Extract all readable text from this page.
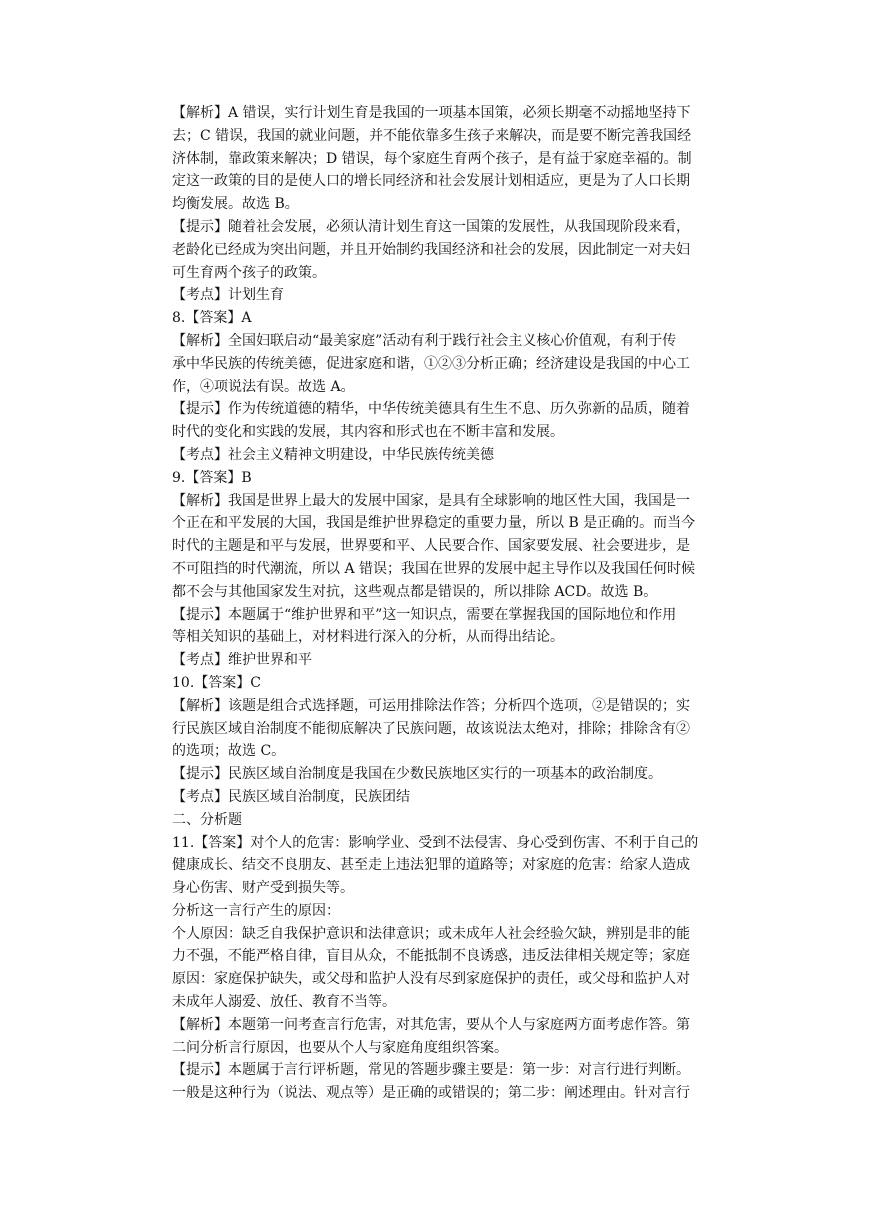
【解析】A 错误，实行计划生育是我国的一项基本国策，必须长期毫不动摇地坚持下
去；C 错误，我国的就业问题，并不能依靠多生孩子来解决，而是要不断完善我国经
济体制，靠政策来解决；D 错误，每个家庭生育两个孩子，是有益于家庭幸福的。制
定这一政策的目的是使人口的增长同经济和社会发展计划相适应，更是为了人口长期
均衡发展。故选 B。
【提示】随着社会发展，必须认清计划生育这一国策的发展性，从我国现阶段来看，
老龄化已经成为突出问题，并且开始制约我国经济和社会的发展，因此制定一对夫妇
可生育两个孩子的政策。
【考点】计划生育
8.【答案】A
【解析】全国妇联启动“最美家庭”活动有利于践行社会主义核心价值观，有利于传
承中华民族的传统美德，促进家庭和谐，①②③分析正确；经济建设是我国的中心工
作，④项说法有误。故选 A。
【提示】作为传统道德的精华，中华传统美德具有生生不息、历久弥新的品质，随着
时代的变化和实践的发展，其内容和形式也在不断丰富和发展。
【考点】社会主义精神文明建设，中华民族传统美德
9.【答案】B
【解析】我国是世界上最大的发展中国家，是具有全球影响的地区性大国，我国是一
个正在和平发展的大国，我国是维护世界稳定的重要力量，所以 B 是正确的。而当今
时代的主题是和平与发展，世界要和平、人民要合作、国家要发展、社会要进步，是
不可阻挡的时代潮流，所以 A 错误；我国在世界的发展中起主导作以及我国任何时候
都不会与其他国家发生对抗，这些观点都是错误的，所以排除 ACD。故选 B。
【提示】本题属于“维护世界和平”这一知识点，需要在掌握我国的国际地位和作用
等相关知识的基础上，对材料进行深入的分析，从而得出结论。
【考点】维护世界和平
10.【答案】C
【解析】该题是组合式选择题，可运用排除法作答；分析四个选项，②是错误的；实
行民族区域自治制度不能彻底解决了民族问题，故该说法太绝对，排除；排除含有②
的选项；故选 C。
【提示】民族区域自治制度是我国在少数民族地区实行的一项基本的政治制度。
【考点】民族区域自治制度，民族团结
二、分析题
11.【答案】对个人的危害：影响学业、受到不法侵害、身心受到伤害、不利于自己的
健康成长、结交不良朋友、甚至走上违法犯罪的道路等；对家庭的危害：给家人造成
身心伤害、财产受到损失等。
分析这一言行产生的原因：
个人原因：缺乏自我保护意识和法律意识；或未成年人社会经验欠缺，辨别是非的能
力不强，不能严格自律，盲目从众，不能抵制不良诱惑，违反法律相关规定等；家庭
原因：家庭保护缺失，或父母和监护人没有尽到家庭保护的责任，或父母和监护人对
未成年人溺爱、放任、教育不当等。
【解析】本题第一问考查言行危害，对其危害，要从个人与家庭两方面考虑作答。第
二问分析言行原因，也要从个人与家庭角度组织答案。
【提示】本题属于言行评析题，常见的答题步骤主要是：第一步：对言行进行判断。
一般是这种行为（说法、观点等）是正确的或错误的；第二步：阐述理由。针对言行
